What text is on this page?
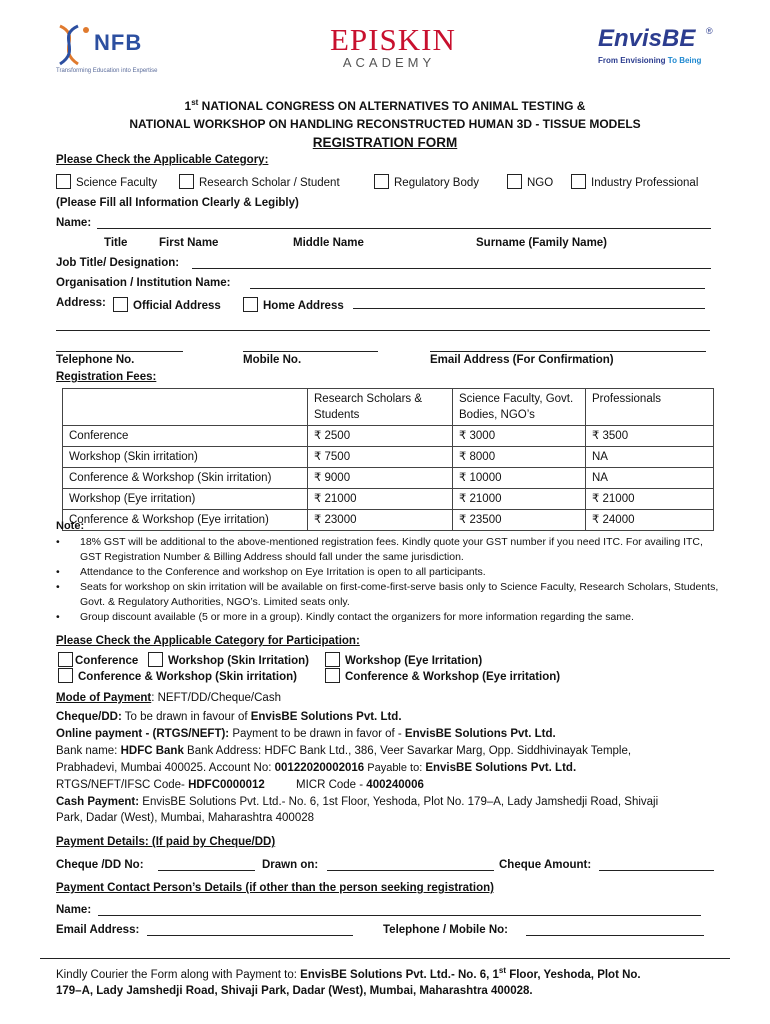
NFB
Transforming Education into Expertise
EPISKIN
ACADEMY
EnvisBE	®
From Envisioning To Being
1st NATIONAL CONGRESS ON ALTERNATIVES TO ANIMAL TESTING &
NATIONAL WORKSHOP ON HANDLING RECONSTRUCTED HUMAN 3D - TISSUE MODELS
REGISTRATION FORM
Please Check the Applicable Category:
Science Faculty	Research Scholar / Student	Regulatory Body	NGO	Industry Professional
(Please Fill all Information Clearly & Legibly)
Name:
Title	First Name	Middle Name	Surname (Family Name)
Job Title/ Designation:
Organisation / Institution Name:
Address:	Official Address	Home Address
Telephone No.	Mobile No.	Email Address (For Confirmation)
Registration Fees:
	Research Scholars & Students	Science Faculty, Govt. Bodies, NGO’s	Professionals
Conference	₹ 2500	₹ 3000	₹ 3500
Workshop (Skin irritation)	₹ 7500	₹ 8000	NA
Conference & Workshop (Skin irritation)	₹ 9000	₹ 10000	NA
Workshop (Eye irritation)	₹ 21000	₹ 21000	₹ 21000
Conference & Workshop (Eye irritation)	₹ 23000	₹ 23500	₹ 24000
Note:
• 18% GST will be additional to the above-mentioned registration fees. Kindly quote your GST number if you need ITC. For availing ITC, GST Registration Number & Billing Address should fall under the same jurisdiction.
• Attendance to the Conference and workshop on Eye Irritation is open to all participants.
• Seats for workshop on skin irritation will be available on first-come-first-serve basis only to Science Faculty, Research Scholars, Students, Govt. & Regulatory Authorities, NGO’s. Limited seats only.
• Group discount available (5 or more in a group). Kindly contact the organizers for more information regarding the same.
Please Check the Applicable Category for Participation:
Conference	Workshop (Skin Irritation)	Workshop (Eye Irritation)
Conference & Workshop (Skin irritation)	Conference & Workshop (Eye irritation)
Mode of Payment: NEFT/DD/Cheque/Cash
Cheque/DD: To be drawn in favour of EnvisBE Solutions Pvt. Ltd.
Online payment - (RTGS/NEFT): Payment to be drawn in favor of - EnvisBE Solutions Pvt. Ltd.
Bank name: HDFC Bank Bank Address: HDFC Bank Ltd., 386, Veer Savarkar Marg, Opp. Siddhivinayak Temple,
Prabhadevi, Mumbai 400025. Account No: 00122020002016 Payable to: EnvisBE Solutions Pvt. Ltd.
RTGS/NEFT/IFSC Code- HDFC0000012	MICR Code - 400240006
Cash Payment: EnvisBE Solutions Pvt. Ltd.- No. 6, 1st Floor, Yeshoda, Plot No. 179–A, Lady Jamshedji Road, Shivaji
Park, Dadar (West), Mumbai, Maharashtra 400028
Payment Details: (If paid by Cheque/DD)
Cheque /DD No:	Drawn on:	Cheque Amount:
Payment Contact Person’s Details (if other than the person seeking registration)
Name:
Email Address:	Telephone / Mobile No:
Kindly Courier the Form along with Payment to: EnvisBE Solutions Pvt. Ltd.- No. 6, 1st Floor, Yeshoda, Plot No.
179–A, Lady Jamshedji Road, Shivaji Park, Dadar (West), Mumbai, Maharashtra 400028.
